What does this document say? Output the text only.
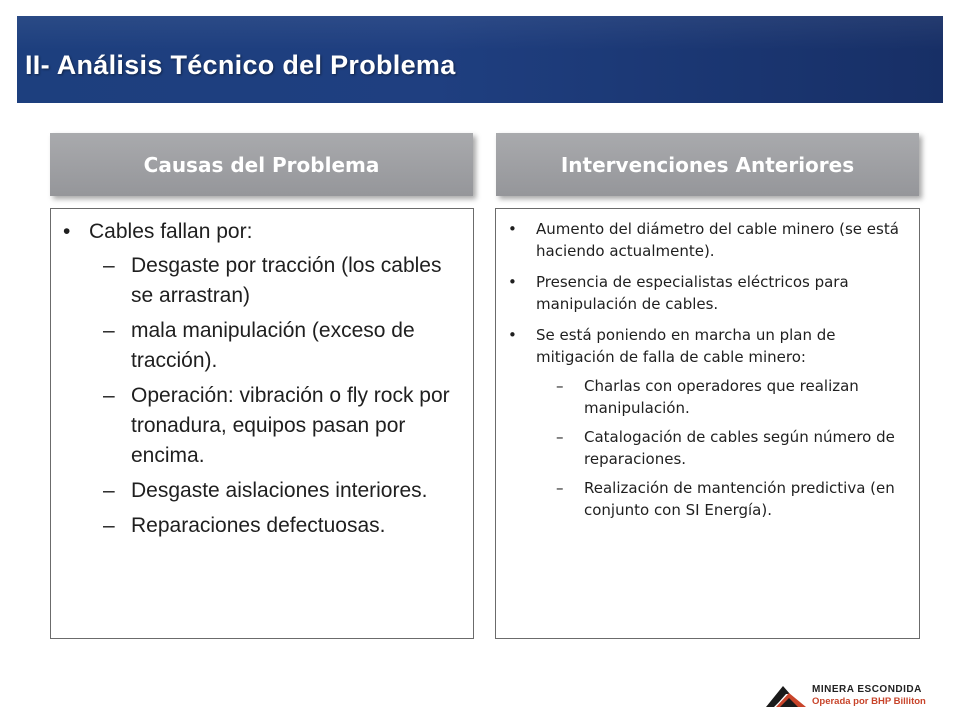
II- Análisis Técnico del Problema
Causas del Problema	Intervenciones Anteriores
• Cables fallan por:
– Desgaste por tracción (los cables se arrastran)
– mala manipulación (exceso de tracción).
– Operación: vibración o fly rock por tronadura, equipos pasan por encima.
– Desgaste aislaciones interiores.
– Reparaciones defectuosas.
• Aumento del diámetro del cable minero (se está haciendo actualmente).
• Presencia de especialistas eléctricos para manipulación de cables.
• Se está poniendo en marcha un plan de mitigación de falla de cable minero:
– Charlas con operadores que realizan manipulación.
– Catalogación de cables según número de reparaciones.
– Realización de mantención predictiva (en conjunto con SI Energía).
MINERA ESCONDIDA
Operada por BHP Billiton
